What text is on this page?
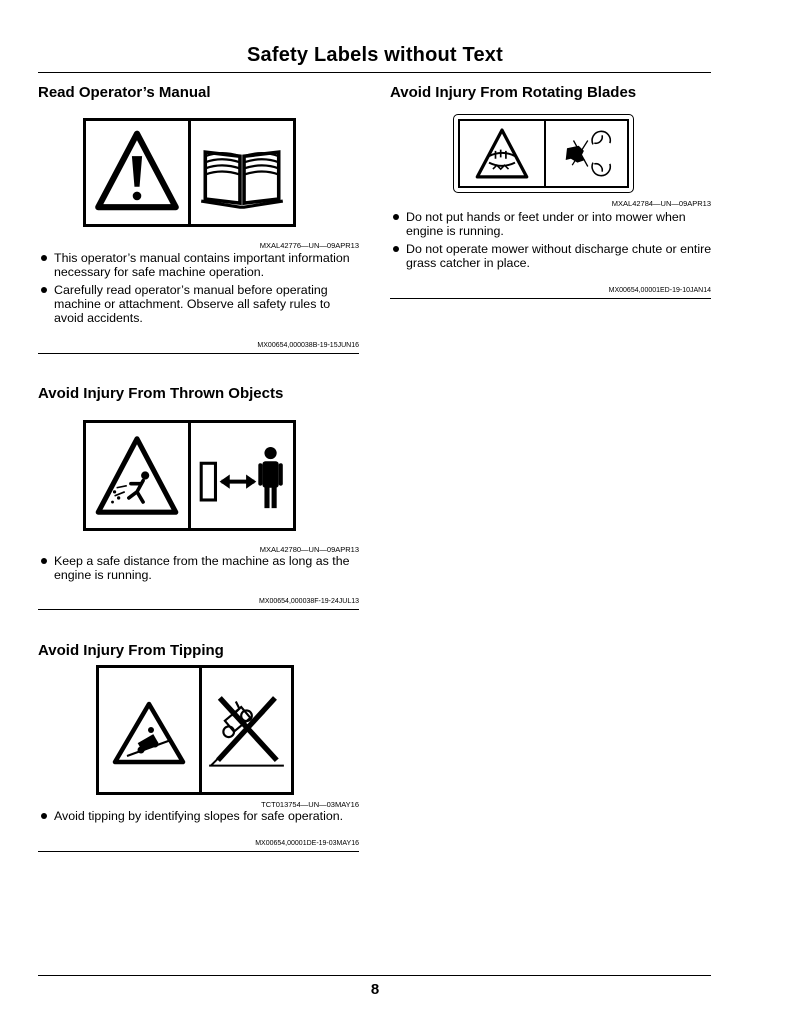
Safety Labels without Text
Read Operator’s Manual
MXAL42776—UN—09APR13
This operator’s manual contains important information necessary for safe machine operation.
Carefully read operator’s manual before operating machine or attachment. Observe all safety rules to avoid accidents.
MX00654,000038B-19-15JUN16
Avoid Injury From Thrown Objects
MXAL42780—UN—09APR13
Keep a safe distance from the machine as long as the engine is running.
MX00654,000038F-19-24JUL13
Avoid Injury From Tipping
TCT013754—UN—03MAY16
Avoid tipping by identifying slopes for safe operation.
MX00654,00001DE-19-03MAY16
Avoid Injury From Rotating Blades
MXAL42784—UN—09APR13
Do not put hands or feet under or into mower when engine is running.
Do not operate mower without discharge chute or entire grass catcher in place.
MX00654,00001ED-19-10JAN14
8
